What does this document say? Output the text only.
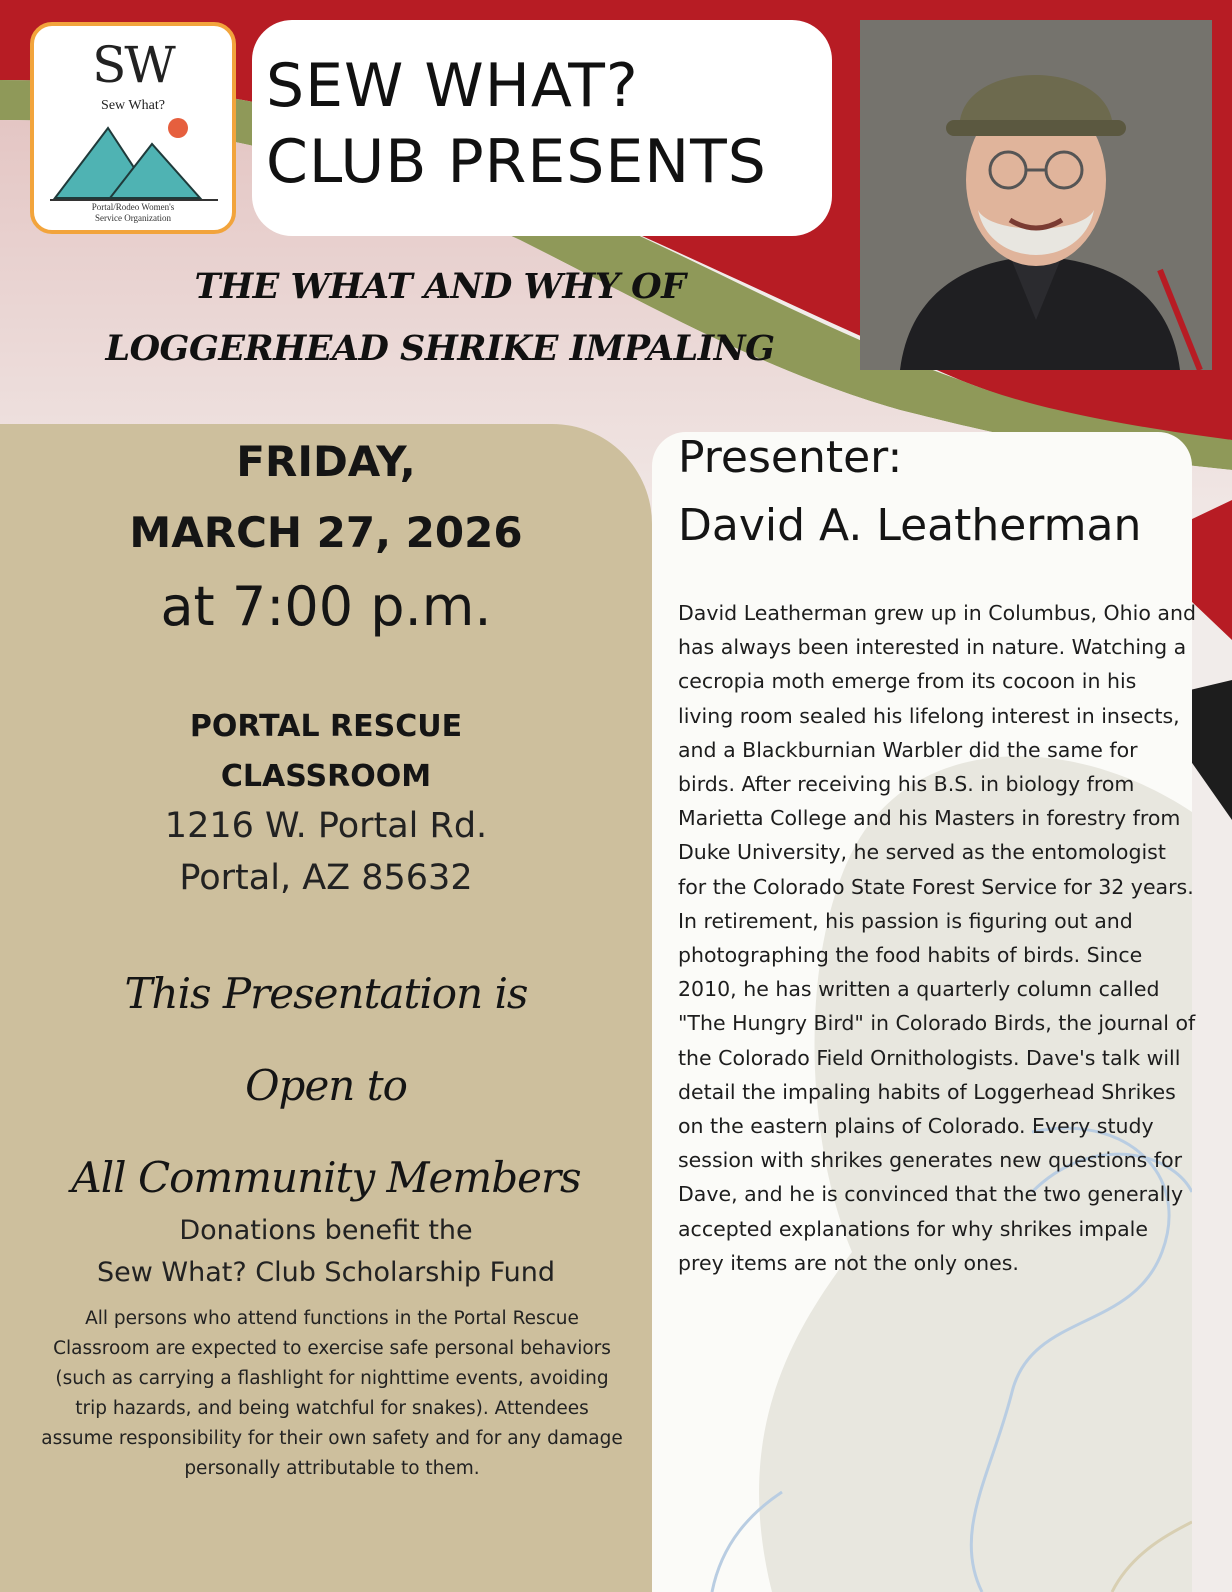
SW
Sew What?
Portal/Rodeo Women's
Service Organization
SEW WHAT?
CLUB PRESENTS
THE WHAT AND WHY OF
LOGGERHEAD SHRIKE IMPALING
FRIDAY,
MARCH 27, 2026
at 7:00 p.m.
PORTAL RESCUE
CLASSROOM
1216 W. Portal Rd.
Portal, AZ 85632
This Presentation is
Open to
All Community Members
Donations benefit the
Sew What? Club Scholarship Fund
All persons who attend functions in the Portal Rescue Classroom are expected to exercise safe personal behaviors (such as carrying a flashlight for nighttime events, avoiding trip hazards, and being watchful for snakes). Attendees assume responsibility for their own safety and for any damage personally attributable to them.
Presenter:
David A. Leatherman
David Leatherman grew up in Columbus, Ohio and has always been interested in nature. Watching a cecropia moth emerge from its cocoon in his living room sealed his lifelong interest in insects, and a Blackburnian Warbler did the same for birds. After receiving his B.S. in biology from Marietta College and his Masters in forestry from Duke University, he served as the entomologist for the Colorado State Forest Service for 32 years. In retirement, his passion is figuring out and photographing the food habits of birds. Since 2010, he has written a quarterly column called "The Hungry Bird" in Colorado Birds, the journal of the Colorado Field Ornithologists. Dave's talk will detail the impaling habits of Loggerhead Shrikes on the eastern plains of Colorado. Every study session with shrikes generates new questions for Dave, and he is convinced that the two generally accepted explanations for why shrikes impale prey items are not the only ones.
